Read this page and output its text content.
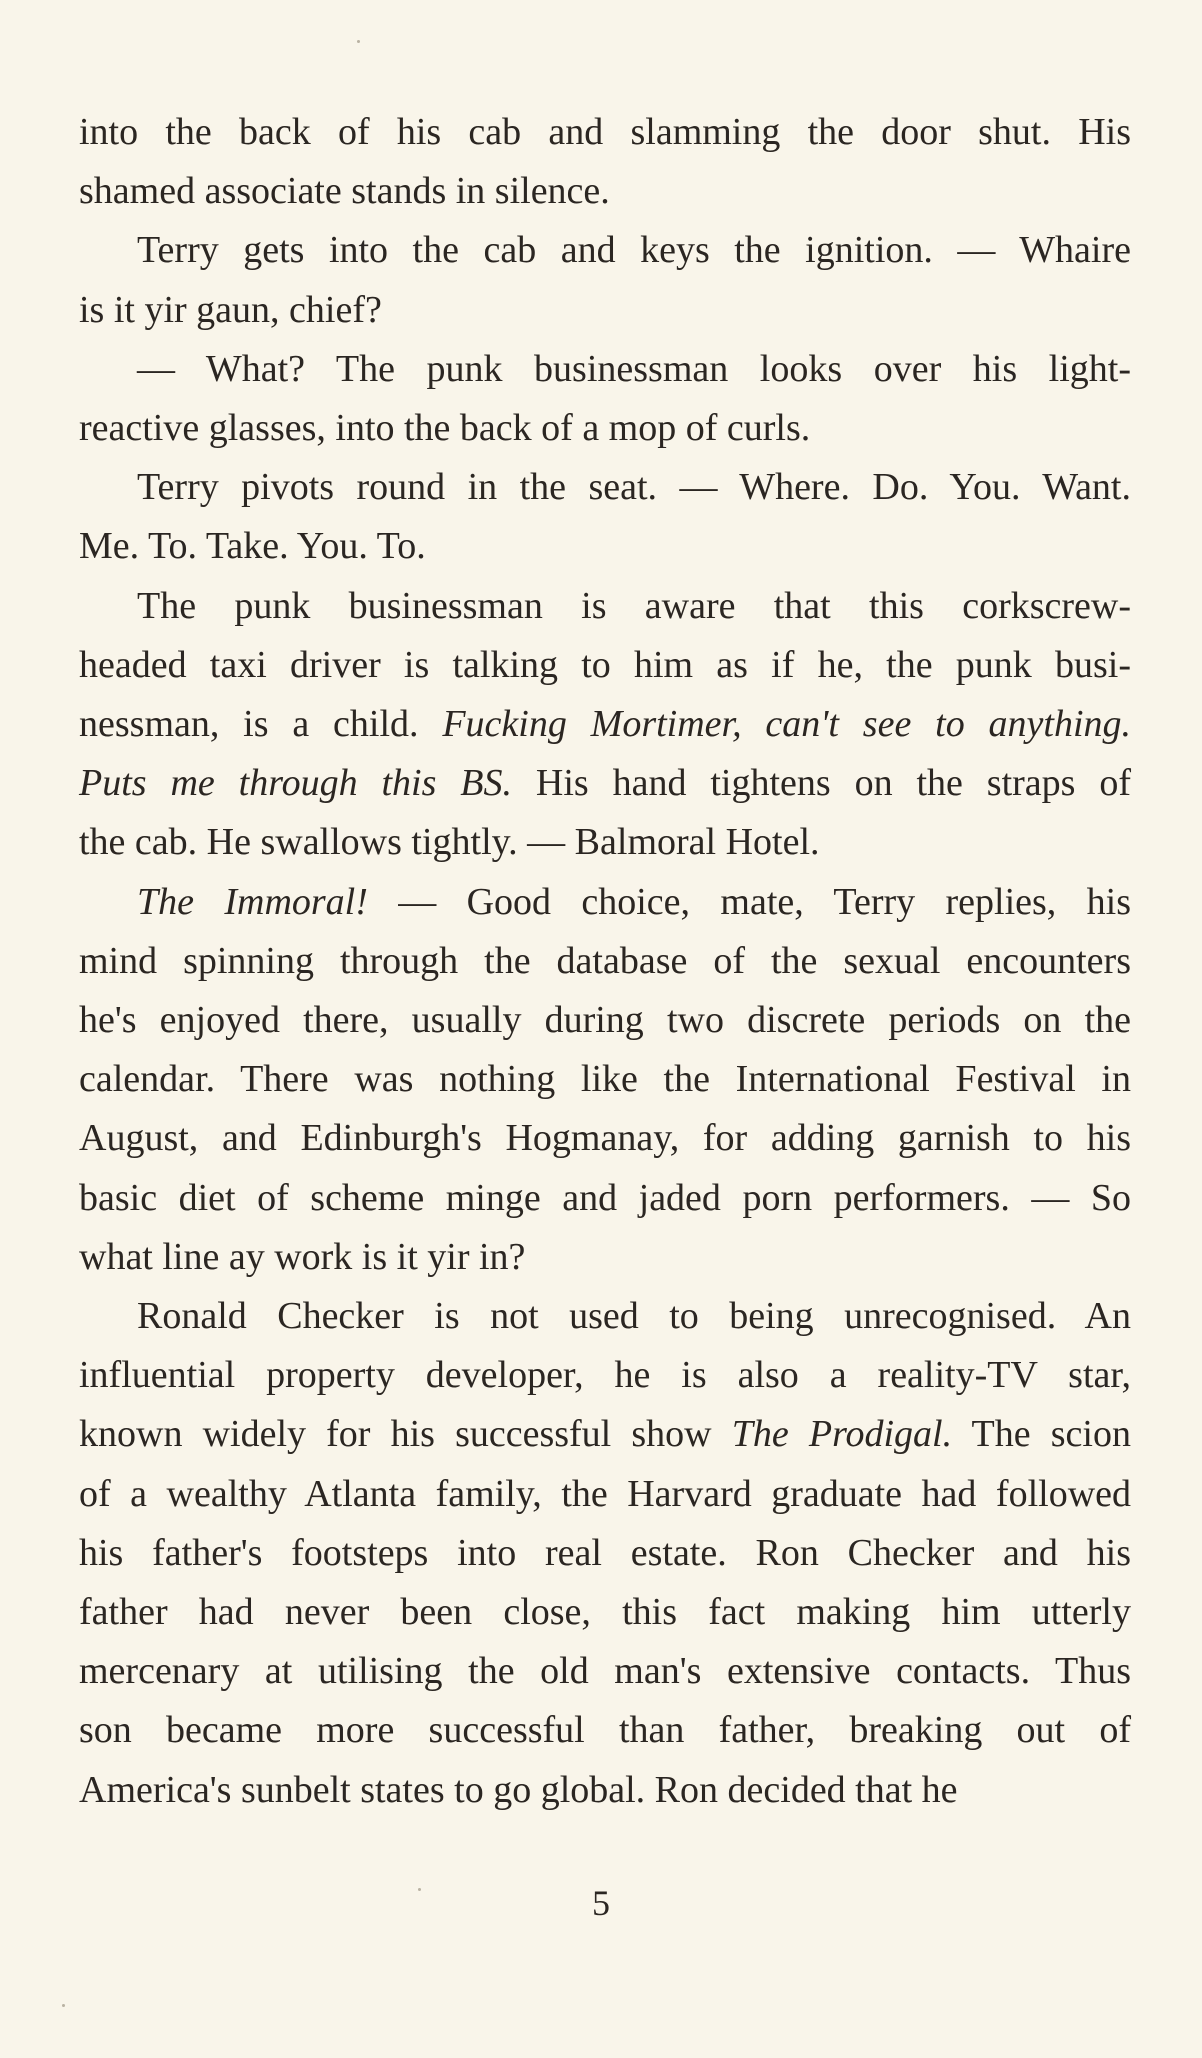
into the back of his cab and slamming the door shut. His
shamed associate stands in silence.
Terry gets into the cab and keys the ignition. — Whaire
is it yir gaun, chief?
— What? The punk businessman looks over his light-
reactive glasses, into the back of a mop of curls.
Terry pivots round in the seat. — Where. Do. You. Want.
Me. To. Take. You. To.
The punk businessman is aware that this corkscrew-
headed taxi driver is talking to him as if he, the punk busi-
nessman, is a child. Fucking Mortimer, can't see to anything.
Puts me through this BS. His hand tightens on the straps of
the cab. He swallows tightly. — Balmoral Hotel.
The Immoral! — Good choice, mate, Terry replies, his
mind spinning through the database of the sexual encounters
he's enjoyed there, usually during two discrete periods on the
calendar. There was nothing like the International Festival in
August, and Edinburgh's Hogmanay, for adding garnish to his
basic diet of scheme minge and jaded porn performers. — So
what line ay work is it yir in?
Ronald Checker is not used to being unrecognised. An
influential property developer, he is also a reality-TV star,
known widely for his successful show The Prodigal. The scion
of a wealthy Atlanta family, the Harvard graduate had followed
his father's footsteps into real estate. Ron Checker and his
father had never been close, this fact making him utterly
mercenary at utilising the old man's extensive contacts. Thus
son became more successful than father, breaking out of
America's sunbelt states to go global. Ron decided that he
5
